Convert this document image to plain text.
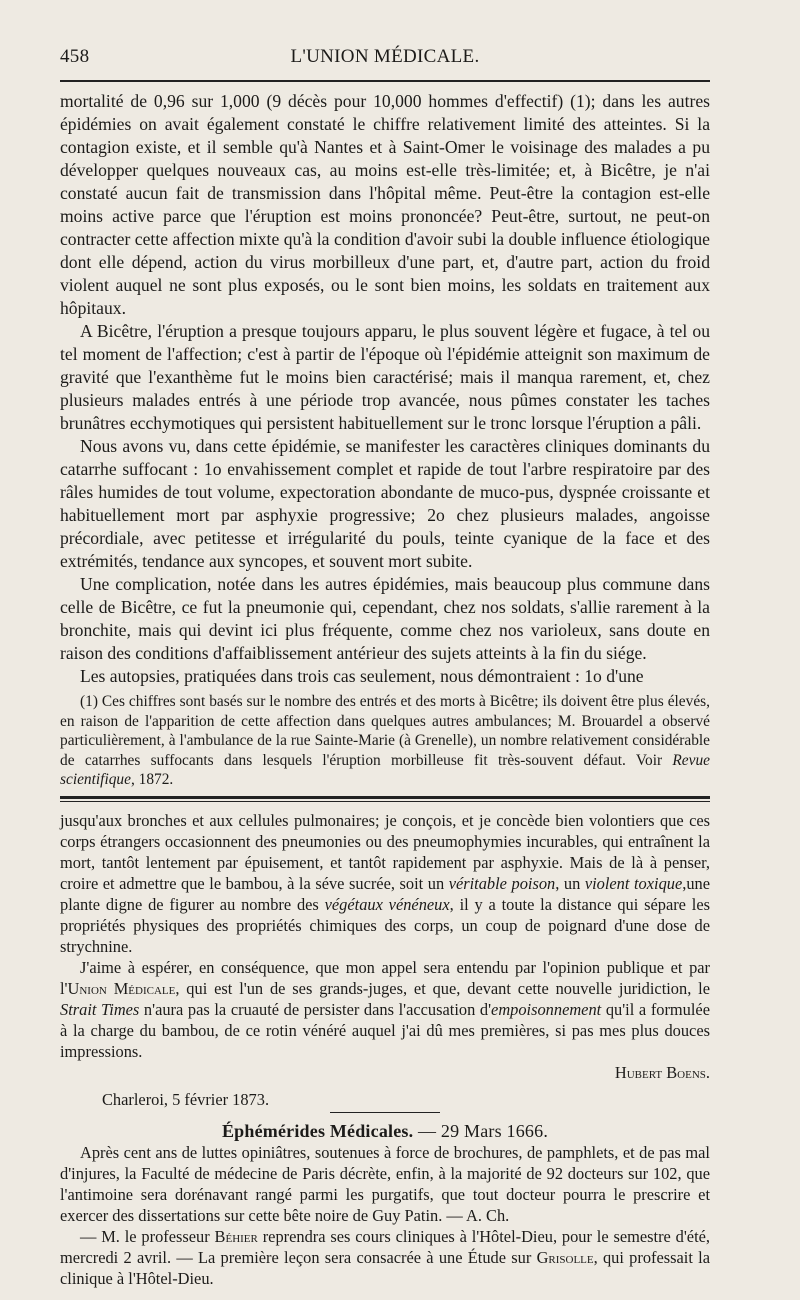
458	L'UNION MÉDICALE.

mortalité de 0,96 sur 1,000 (9 décès pour 10,000 hommes d'effectif) (1); dans les autres épidémies on avait également constaté le chiffre relativement limité des atteintes. Si la contagion existe, et il semble qu'à Nantes et à Saint-Omer le voisinage des malades a pu développer quelques nouveaux cas, au moins est-elle très-limitée; et, à Bicêtre, je n'ai constaté aucun fait de transmission dans l'hôpital même. Peut-être la contagion est-elle moins active parce que l'éruption est moins prononcée? Peut-être, surtout, ne peut-on contracter cette affection mixte qu'à la condition d'avoir subi la double influence étiologique dont elle dépend, action du virus morbilleux d'une part, et, d'autre part, action du froid violent auquel ne sont plus exposés, ou le sont bien moins, les soldats en traitement aux hôpitaux.

A Bicêtre, l'éruption a presque toujours apparu, le plus souvent légère et fugace, à tel ou tel moment de l'affection; c'est à partir de l'époque où l'épidémie atteignit son maximum de gravité que l'exanthème fut le moins bien caractérisé; mais il manqua rarement, et, chez plusieurs malades entrés à une période trop avancée, nous pûmes constater les taches brunâtres ecchymotiques qui persistent habituellement sur le tronc lorsque l'éruption a pâli.

Nous avons vu, dans cette épidémie, se manifester les caractères cliniques dominants du catarrhe suffocant : 1o envahissement complet et rapide de tout l'arbre respiratoire par des râles humides de tout volume, expectoration abondante de muco-pus, dyspnée croissante et habituellement mort par asphyxie progressive; 2o chez plusieurs malades, angoisse précordiale, avec petitesse et irrégularité du pouls, teinte cyanique de la face et des extrémités, tendance aux syncopes, et souvent mort subite.

Une complication, notée dans les autres épidémies, mais beaucoup plus commune dans celle de Bicêtre, ce fut la pneumonie qui, cependant, chez nos soldats, s'allie rarement à la bronchite, mais qui devint ici plus fréquente, comme chez nos varioleux, sans doute en raison des conditions d'affaiblissement antérieur des sujets atteints à la fin du siége.

Les autopsies, pratiquées dans trois cas seulement, nous démontraient : 1o d'une

(1) Ces chiffres sont basés sur le nombre des entrés et des morts à Bicêtre; ils doivent être plus élevés, en raison de l'apparition de cette affection dans quelques autres ambulances; M. Brouardel a observé particulièrement, à l'ambulance de la rue Sainte-Marie (à Grenelle), un nombre relativement considérable de catarrhes suffocants dans lesquels l'éruption morbilleuse fit très-souvent défaut. Voir Revue scientifique, 1872.

jusqu'aux bronches et aux cellules pulmonaires; je conçois, et je concède bien volontiers que ces corps étrangers occasionnent des pneumonies ou des pneumophymies incurables, qui entraînent la mort, tantôt lentement par épuisement, et tantôt rapidement par asphyxie. Mais de là à penser, croire et admettre que le bambou, à la séve sucrée, soit un véritable poison, un violent toxique,une plante digne de figurer au nombre des végétaux vénéneux, il y a toute la distance qui sépare les propriétés physiques des propriétés chimiques des corps, un coup de poignard d'une dose de strychnine.

J'aime à espérer, en conséquence, que mon appel sera entendu par l'opinion publique et par l'Union Médicale, qui est l'un de ses grands-juges, et que, devant cette nouvelle juridiction, le Strait Times n'aura pas la cruauté de persister dans l'accusation d'empoisonnement qu'il a formulée à la charge du bambou, de ce rotin vénéré auquel j'ai dû mes premières, si pas mes plus douces impressions.

Hubert Boens.
Charleroi, 5 février 1873.
Éphémérides Médicales. — 29 Mars 1666.

Après cent ans de luttes opiniâtres, soutenues à force de brochures, de pamphlets, et de pas mal d'injures, la Faculté de médecine de Paris décrète, enfin, à la majorité de 92 docteurs sur 102, que l'antimoine sera dorénavant rangé parmi les purgatifs, que tout docteur pourra le prescrire et exercer des dissertations sur cette bête noire de Guy Patin. — A. Ch.

— M. le professeur Béhier reprendra ses cours cliniques à l'Hôtel-Dieu, pour le semestre d'été, mercredi 2 avril. — La première leçon sera consacrée à une Étude sur Grisolle, qui professait la clinique à l'Hôtel-Dieu.
